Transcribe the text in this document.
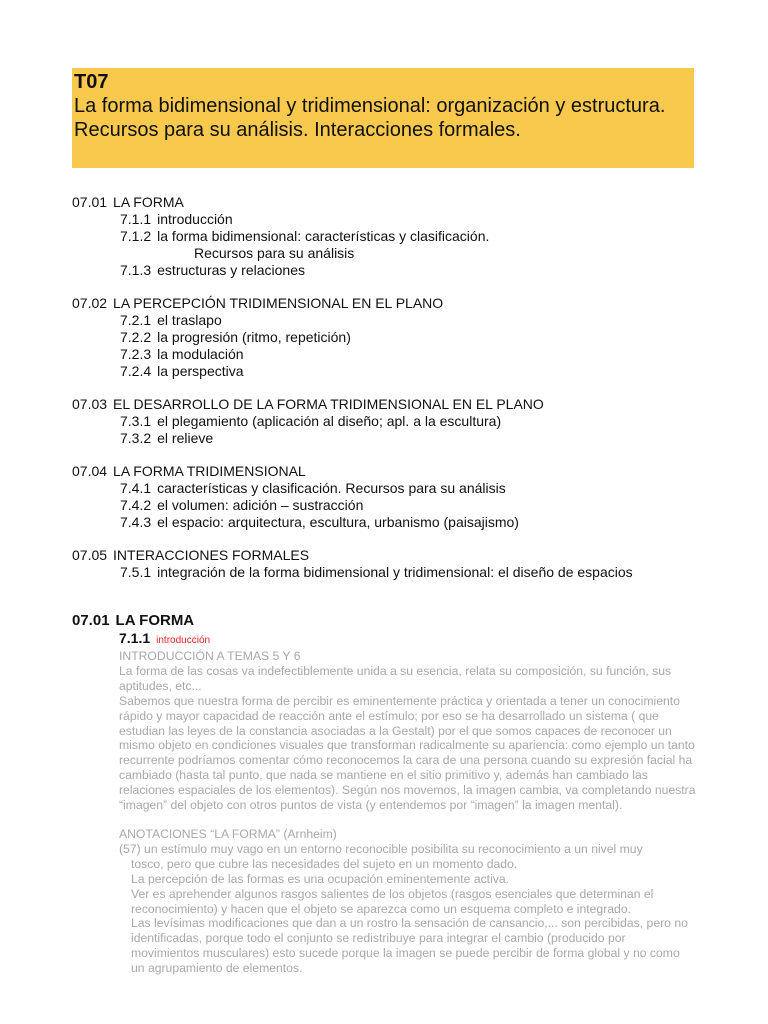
T07
La forma bidimensional y tridimensional: organización y estructura. Recursos para su análisis. Interacciones formales.
07.01 LA FORMA
7.1.1 introducción
7.1.2 la forma bidimensional: características y clasificación.
Recursos para su análisis
7.1.3 estructuras y relaciones
07.02 LA PERCEPCIÓN TRIDIMENSIONAL EN EL PLANO
7.2.1 el traslapo
7.2.2 la progresión (ritmo, repetición)
7.2.3 la modulación
7.2.4 la perspectiva
07.03 EL DESARROLLO DE LA FORMA TRIDIMENSIONAL EN EL PLANO
7.3.1 el plegamiento (aplicación al diseño; apl. a la escultura)
7.3.2 el relieve
07.04 LA FORMA TRIDIMENSIONAL
7.4.1 características y clasificación. Recursos para su análisis
7.4.2 el volumen: adición – sustracción
7.4.3 el espacio: arquitectura, escultura, urbanismo (paisajismo)
07.05 INTERACCIONES FORMALES
7.5.1 integración de la forma bidimensional y tridimensional: el diseño de espacios
07.01 LA FORMA
7.1.1 introducción

INTRODUCCIÓN A TEMAS 5 Y 6

La forma de las cosas va indefectiblemente unida a su esencia, relata su composición, su función, sus aptitudes, etc...

Sabemos que nuestra forma de percibir es eminentemente práctica y orientada a tener un conocimiento rápido y mayor capacidad de reacción ante el estímulo; por eso se ha desarrollado un sistema ( que estudian las leyes de la constancia asociadas a la Gestalt) por el que somos capaces de reconocer un mismo objeto en condiciones visuales que transforman radicalmente su apariencia: como ejemplo un tanto recurrente podríamos comentar cómo reconocemos la cara de una persona cuando su expresión facial ha cambiado (hasta tal punto, que nada se mantiene en el sitio primitivo y, además han cambiado las relaciones espaciales de los elementos). Según nos movemos, la imagen cambia, va completando nuestra “imagen” del objeto con otros puntos de vista (y entendemos por “imagen” la imagen mental).

ANOTACIONES “LA FORMA” (Arnheim)

(57) un estímulo muy vago en un entorno reconocible posibilita su reconocimiento a un nivel muy

tosco, pero que cubre las necesidades del sujeto en un momento dado.

La percepción de las formas es una ocupación eminentemente activa.

Ver es aprehender algunos rasgos salientes de los objetos (rasgos esenciales que determinan el reconocimiento) y hacen que el objeto se aparezca como un esquema completo e integrado.

Las levísimas modificaciones que dan a un rostro la sensación de cansancio,... son percibidas, pero no identificadas, porque todo el conjunto se redistribuye para integrar el cambio (producido por movimientos musculares) esto sucede porque la imagen se puede percibir de forma global y no como un agrupamiento de elementos.
